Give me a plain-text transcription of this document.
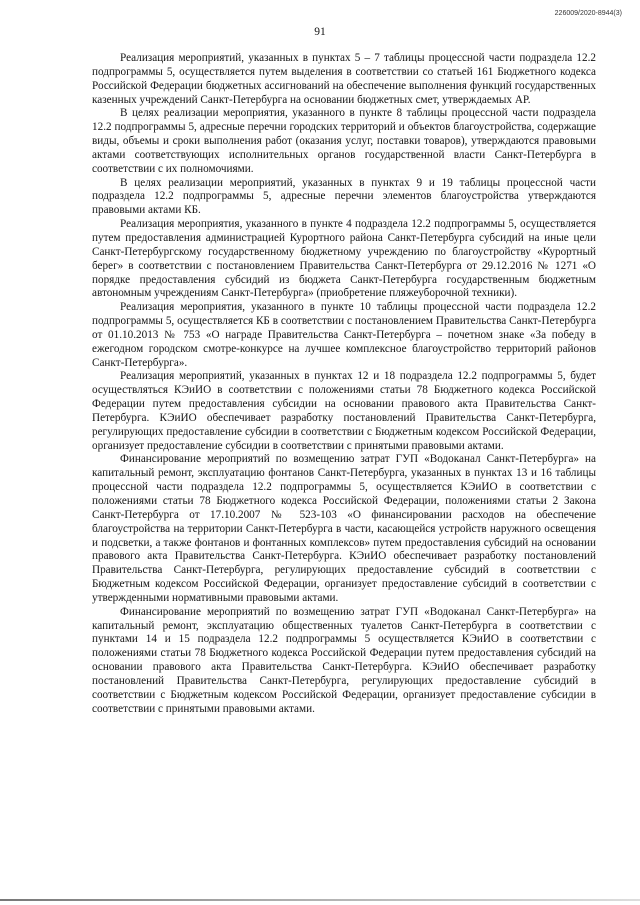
226009/2020-8944(3)
91

Реализация мероприятий, указанных в пунктах 5 – 7 таблицы процессной части подраздела 12.2 подпрограммы 5, осуществляется путем выделения в соответствии со статьей 161 Бюджетного кодекса Российской Федерации бюджетных ассигнований на обеспечение выполнения функций государственных казенных учреждений Санкт-Петербурга на основании бюджетных смет, утверждаемых АР.

В целях реализации мероприятия, указанного в пункте 8 таблицы процессной части подраздела 12.2 подпрограммы 5, адресные перечни городских территорий и объектов благоустройства, содержащие виды, объемы и сроки выполнения работ (оказания услуг, поставки товаров), утверждаются правовыми актами соответствующих исполнительных органов государственной власти Санкт-Петербурга в соответствии с их полномочиями.

В целях реализации мероприятий, указанных в пунктах 9 и 19 таблицы процессной части подраздела 12.2 подпрограммы 5, адресные перечни элементов благоустройства утверждаются правовыми актами КБ.

Реализация мероприятия, указанного в пункте 4 подраздела 12.2 подпрограммы 5, осуществляется путем предоставления администрацией Курортного района Санкт-Петербурга субсидий на иные цели Санкт-Петербургскому государственному бюджетному учреждению по благоустройству «Курортный берег» в соответствии с постановлением Правительства Санкт-Петербурга от 29.12.2016 № 1271 «О порядке предоставления субсидий из бюджета Санкт-Петербурга государственным бюджетным автономным учреждениям Санкт-Петербурга» (приобретение пляжеуборочной техники).

Реализация мероприятия, указанного в пункте 10 таблицы процессной части подраздела 12.2 подпрограммы 5, осуществляется КБ в соответствии с постановлением Правительства Санкт-Петербурга от 01.10.2013 № 753 «О награде Правительства Санкт-Петербурга – почетном знаке «За победу в ежегодном городском смотре-конкурсе на лучшее комплексное благоустройство территорий районов Санкт-Петербурга».

Реализация мероприятий, указанных в пунктах 12 и 18 подраздела 12.2 подпрограммы 5, будет осуществляться КЭиИО в соответствии с положениями статьи 78 Бюджетного кодекса Российской Федерации путем предоставления субсидии на основании правового акта Правительства Санкт-Петербурга. КЭиИО обеспечивает разработку постановлений Правительства Санкт-Петербурга, регулирующих предоставление субсидии в соответствии с Бюджетным кодексом Российской Федерации, организует предоставление субсидии в соответствии с принятыми правовыми актами.

Финансирование мероприятий по возмещению затрат ГУП «Водоканал Санкт-Петербурга» на капитальный ремонт, эксплуатацию фонтанов Санкт-Петербурга, указанных в пунктах 13 и 16 таблицы процессной части подраздела 12.2 подпрограммы 5, осуществляется КЭиИО в соответствии с положениями статьи 78 Бюджетного кодекса Российской Федерации, положениями статьи 2 Закона Санкт-Петербурга от 17.10.2007 № 523-103 «О финансировании расходов на обеспечение благоустройства на территории Санкт-Петербурга в части, касающейся устройств наружного освещения и подсветки, а также фонтанов и фонтанных комплексов» путем предоставления субсидий на основании правового акта Правительства Санкт-Петербурга. КЭиИО обеспечивает разработку постановлений Правительства Санкт-Петербурга, регулирующих предоставление субсидий в соответствии с Бюджетным кодексом Российской Федерации, организует предоставление субсидий в соответствии с утвержденными нормативными правовыми актами.

Финансирование мероприятий по возмещению затрат ГУП «Водоканал Санкт-Петербурга» на капитальный ремонт, эксплуатацию общественных туалетов Санкт-Петербурга в соответствии с пунктами 14 и 15 подраздела 12.2 подпрограммы 5 осуществляется КЭиИО в соответствии с положениями статьи 78 Бюджетного кодекса Российской Федерации путем предоставления субсидий на основании правового акта Правительства Санкт-Петербурга. КЭиИО обеспечивает разработку постановлений Правительства Санкт-Петербурга, регулирующих предоставление субсидий в соответствии с Бюджетным кодексом Российской Федерации, организует предоставление субсидии в соответствии с принятыми правовыми актами.
